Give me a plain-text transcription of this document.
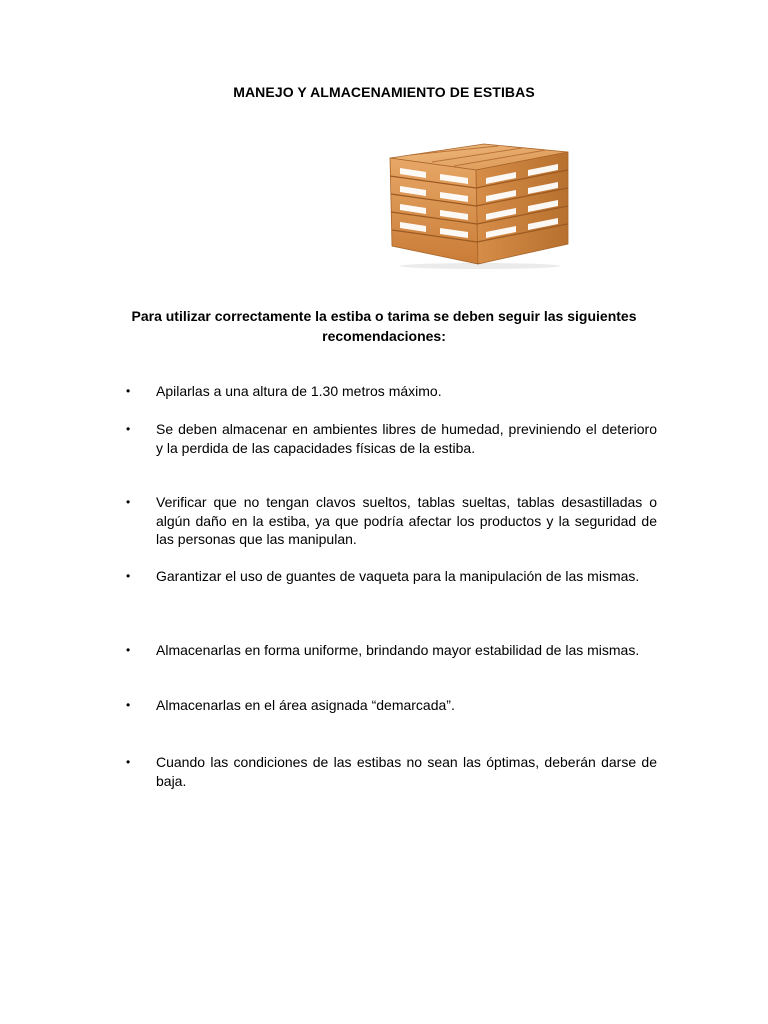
MANEJO Y ALMACENAMIENTO DE ESTIBAS
Para utilizar correctamente la estiba o tarima se deben seguir las siguientes recomendaciones:
• Apilarlas a una altura de 1.30 metros máximo.
• Se deben almacenar en ambientes libres de humedad, previniendo el deterioro y la perdida de las capacidades físicas de la estiba.
• Verificar que no tengan clavos sueltos, tablas sueltas, tablas desastilladas o algún daño en la estiba, ya que podría afectar los productos y la seguridad de las personas que las manipulan.
• Garantizar el uso de guantes de vaqueta para la manipulación de las mismas.
• Almacenarlas en forma uniforme, brindando mayor estabilidad de las mismas.
• Almacenarlas en el área asignada “demarcada”.
• Cuando las condiciones de las estibas no sean las óptimas, deberán darse de baja.
